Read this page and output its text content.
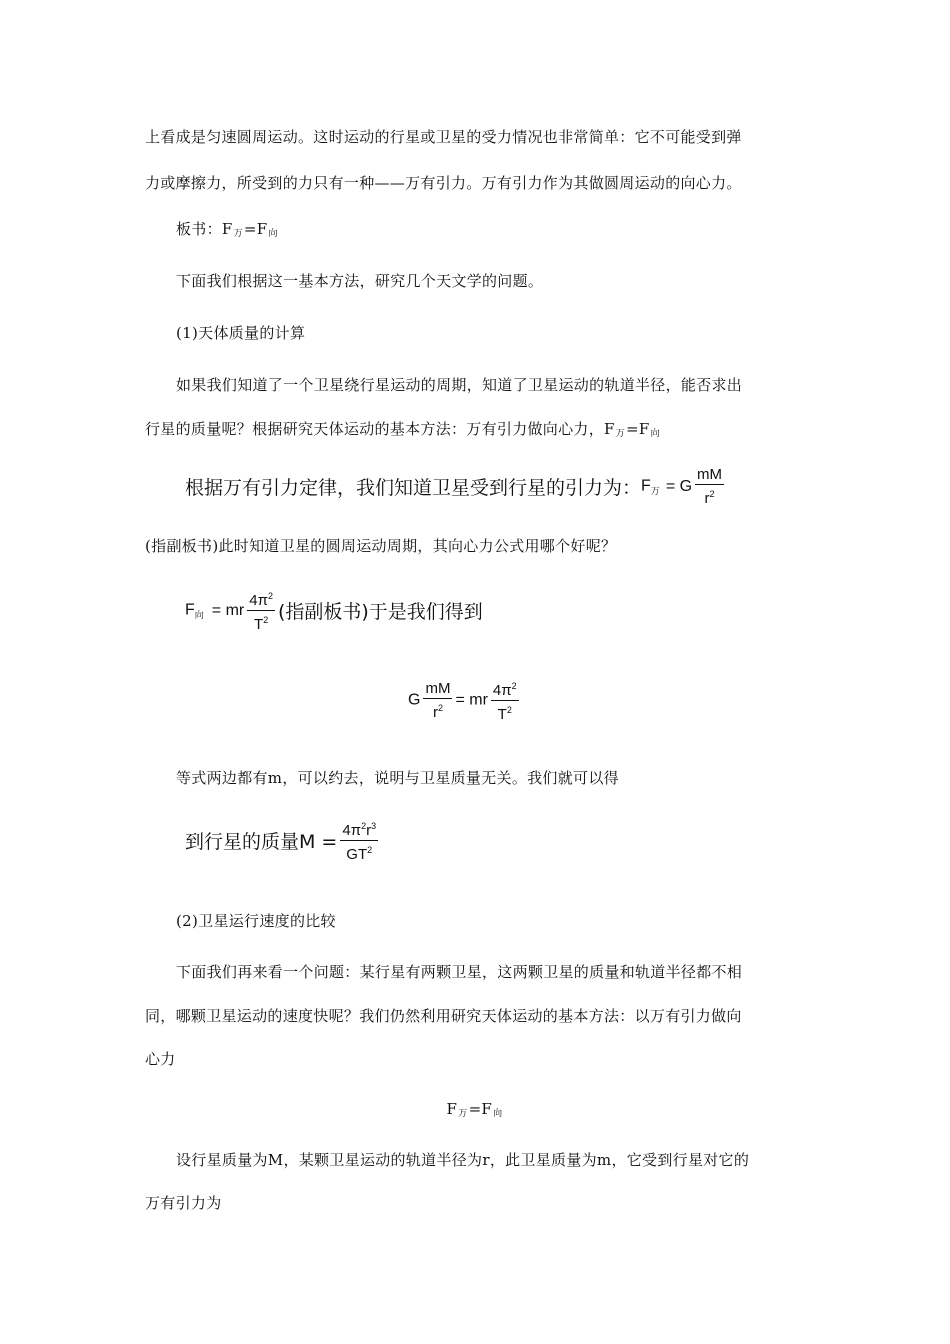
上看成是匀速圆周运动。这时运动的行星或卫星的受力情况也非常简单：它不可能受到弹
力或摩擦力，所受到的力只有一种——万有引力。万有引力作为其做圆周运动的向心力。
板书：$F_万=F_向$
下面我们根据这一基本方法，研究几个天文学的问题。
(1)天体质量的计算
如果我们知道了一个卫星绕行星运动的周期，知道了卫星运动的轨道半径，能否求出
行星的质量呢？根据研究天体运动的基本方法：万有引力做向心力，$F_万=F_向$
根据万有引力定律，我们知道卫星受到行星的引力为：$F_万 = G \frac{mM}{r^2}$
(指副板书)此时知道卫星的圆周运动周期，其向心力公式用哪个好呢？
$F_向$ = mr $\frac{4\pi^2}{T^2}$ (指副板书)于是我们得到
G $\frac{mM}{r^2}$ = mr $\frac{4\pi^2}{T^2}$
等式两边都有m，可以约去，说明与卫星质量无关。我们就可以得
到行星的质量$M = \frac{4\pi^2r^3}{GT^2}$
(2)卫星运行速度的比较
下面我们再来看一个问题：某行星有两颗卫星，这两颗卫星的质量和轨道半径都不相
同，哪颗卫星运动的速度快呢？我们仍然利用研究天体运动的基本方法：以万有引力做向
心力
$F_万=F_向$
设行星质量为M，某颗卫星运动的轨道半径为r，此卫星质量为m，它受到行星对它的
万有引力为
